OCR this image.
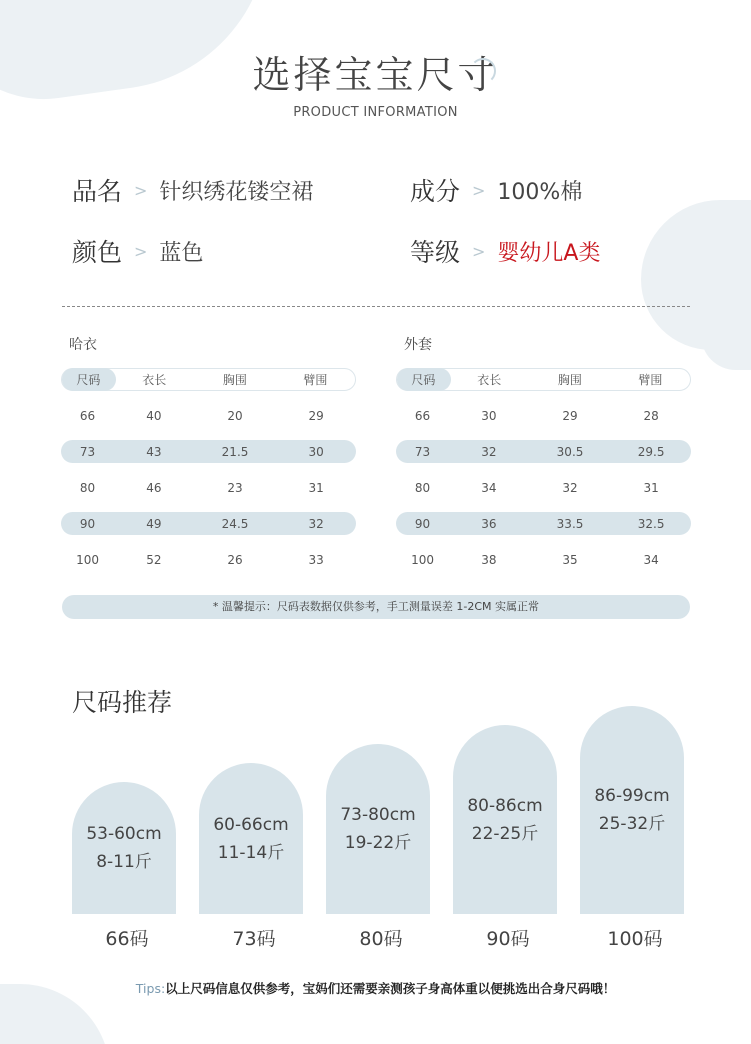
选择宝宝尺寸
PRODUCT INFORMATION
品名 > 针织绣花镂空裙	成分 > 100%棉
颜色 > 蓝色	等级 > 婴幼儿A类
哈衣
尺码	衣长	胸围	臂围
66	40	20	29
73	43	21.5	30
80	46	23	31
90	49	24.5	32
100	52	26	33
外套
尺码	衣长	胸围	臂围
66	30	29	28
73	32	30.5	29.5
80	34	32	31
90	36	33.5	32.5
100	38	35	34
* 温馨提示：尺码表数据仅供参考，手工测量误差 1-2CM 实属正常
尺码推荐
53-60cm
8-11斤
60-66cm
11-14斤
73-80cm
19-22斤
80-86cm
22-25斤
86-99cm
25-32斤
66码	73码	80码	90码	100码
Tips:以上尺码信息仅供参考，宝妈们还需要亲测孩子身高体重以便挑选出合身尺码哦！
